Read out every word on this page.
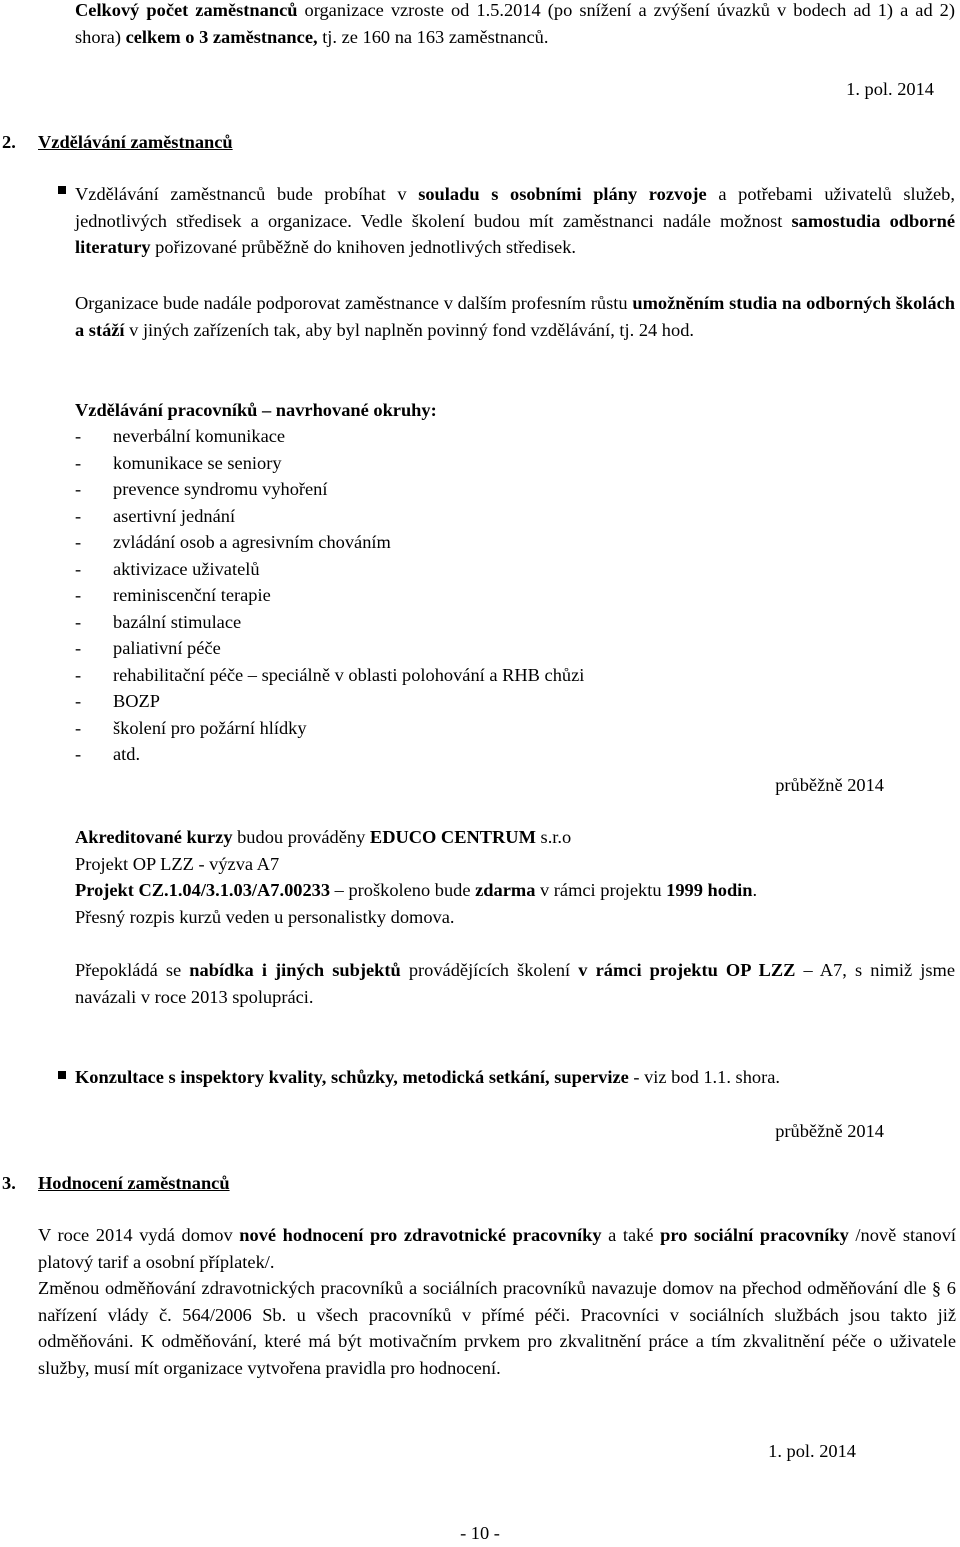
Celkový počet zaměstnanců organizace vzroste od 1.5.2014 (po snížení a zvýšení úvazků v bodech ad 1) a ad 2) shora) celkem o 3 zaměstnance, tj. ze 160 na 163 zaměstnanců.
1. pol. 2014
2. Vzdělávání zaměstnanců
Vzdělávání zaměstnanců bude probíhat v souladu s osobními plány rozvoje a potřebami uživatelů služeb, jednotlivých středisek a organizace. Vedle školení budou mít zaměstnanci nadále možnost samostudia odborné literatury pořizované průběžně do knihoven jednotlivých středisek.
Organizace bude nadále podporovat zaměstnance v dalším profesním růstu umožněním studia na odborných školách a stáží v jiných zařízeních tak, aby byl naplněn povinný fond vzdělávání, tj. 24 hod.
Vzdělávání pracovníků – navrhované okruhy:
- neverbální komunikace
- komunikace se seniory
- prevence syndromu vyhoření
- asertivní jednání
- zvládání osob a agresivním chováním
- aktivizace uživatelů
- reminiscenční terapie
- bazální stimulace
- paliativní péče
- rehabilitační péče – speciálně v oblasti polohování a RHB chůzi
- BOZP
- školení pro požární hlídky
- atd.
průběžně 2014
Akreditované kurzy budou prováděny EDUCO CENTRUM s.r.o
Projekt OP LZZ - výzva A7
Projekt CZ.1.04/3.1.03/A7.00233 – proškoleno bude zdarma v rámci projektu 1999 hodin.
Přesný rozpis kurzů veden u personalistky domova.
Přepokládá se nabídka i jiných subjektů provádějících školení v rámci projektu OP LZZ – A7, s nimiž jsme navázali v roce 2013 spolupráci.
Konzultace s inspektory kvality, schůzky, metodická setkání, supervize - viz bod 1.1. shora.
průběžně 2014
3. Hodnocení zaměstnanců
V roce 2014 vydá domov nové hodnocení pro zdravotnické pracovníky a také pro sociální pracovníky /nově stanoví platový tarif a osobní příplatek/.
Změnou odměňování zdravotnických pracovníků a sociálních pracovníků navazuje domov na přechod odměňování dle § 6 nařízení vlády č. 564/2006 Sb. u všech pracovníků v přímé péči. Pracovníci v sociálních službách jsou takto již odměňováni. K odměňování, které má být motivačním prvkem pro zkvalitnění práce a tím zkvalitnění péče o uživatele služby, musí mít organizace vytvořena pravidla pro hodnocení.
1. pol. 2014
- 10 -
